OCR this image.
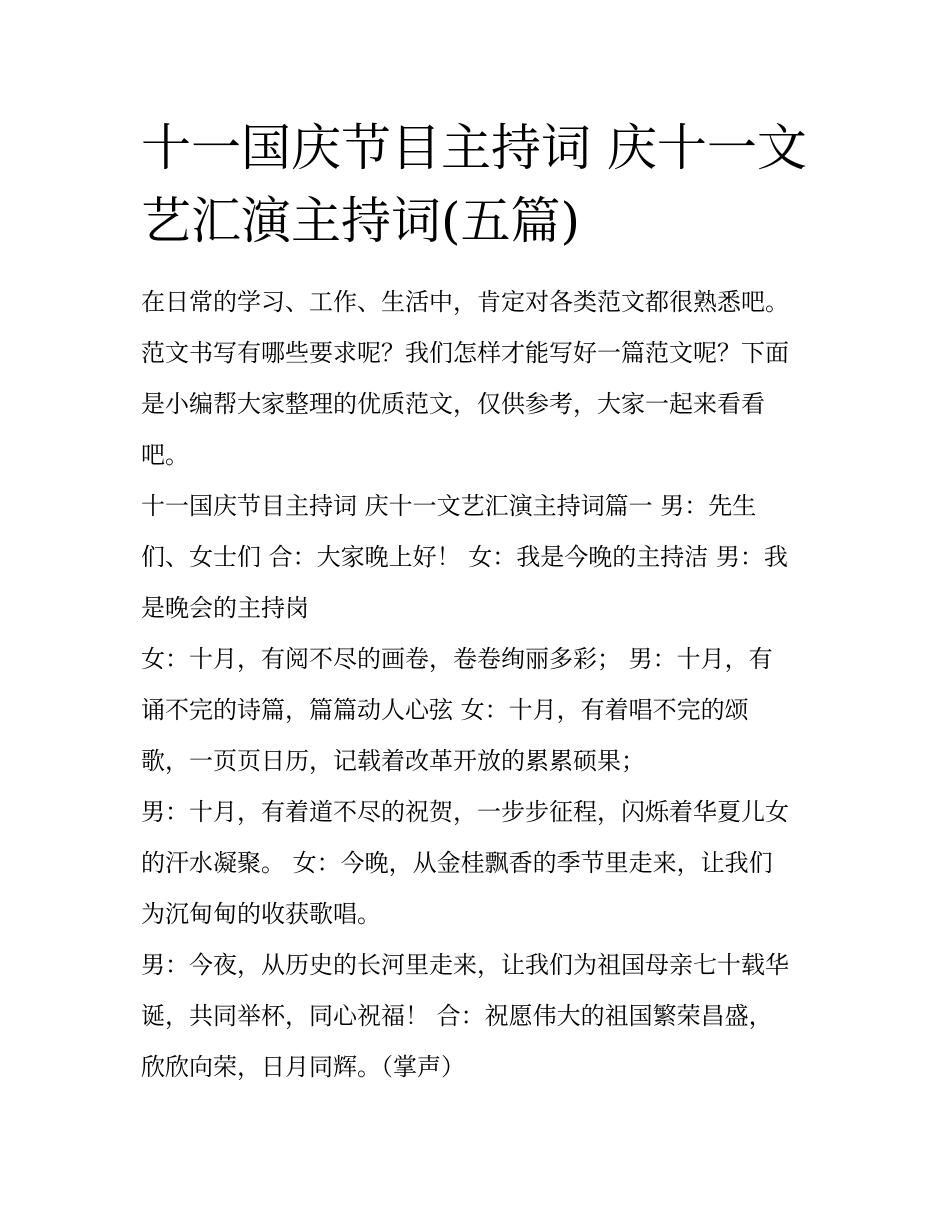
十一国庆节目主持词 庆十一文
艺汇演主持词(五篇)
在日常的学习、工作、生活中，肯定对各类范文都很熟悉吧。
范文书写有哪些要求呢？我们怎样才能写好一篇范文呢？下面
是小编帮大家整理的优质范文，仅供参考，大家一起来看看
吧。
十一国庆节目主持词 庆十一文艺汇演主持词篇一 男：先生
们、女士们 合：大家晚上好！ 女：我是今晚的主持洁 男：我
是晚会的主持岗
女：十月，有阅不尽的画卷，卷卷绚丽多彩； 男：十月，有
诵不完的诗篇，篇篇动人心弦 女：十月，有着唱不完的颂
歌，一页页日历，记载着改革开放的累累硕果；
男：十月，有着道不尽的祝贺，一步步征程，闪烁着华夏儿女
的汗水凝聚。 女：今晚，从金桂飘香的季节里走来，让我们
为沉甸甸的收获歌唱。
男：今夜，从历史的长河里走来，让我们为祖国母亲七十载华
诞，共同举杯，同心祝福！ 合：祝愿伟大的祖国繁荣昌盛，
欣欣向荣，日月同辉。（掌声）
